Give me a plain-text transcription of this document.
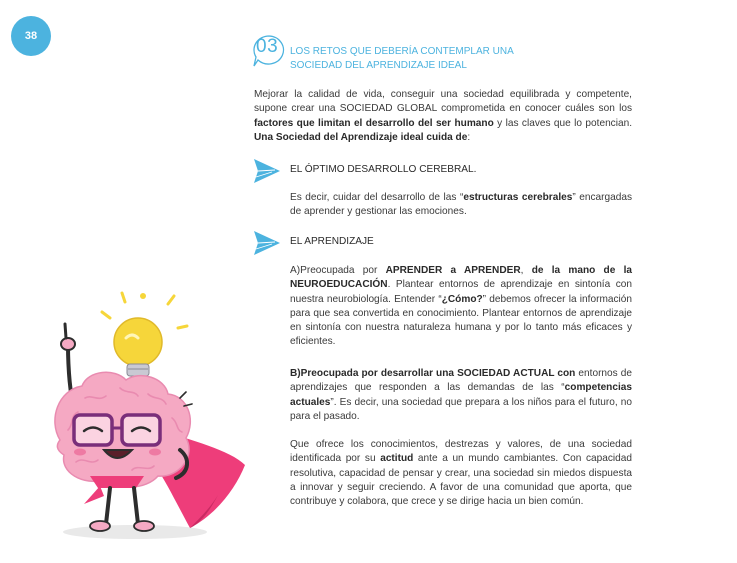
38	03 LOS RETOS QUE DEBERÍA CONTEMPLAR UNA
SOCIEDAD DEL APRENDIZAJE IDEAL
Mejorar la calidad de vida, conseguir una sociedad equilibrada y competente, supone crear una SOCIEDAD GLOBAL comprometida en conocer cuáles son los factores que limitan el desarrollo del ser humano y las claves que lo potencian. Una Sociedad del Aprendizaje ideal cuida de:
EL ÓPTIMO DESARROLLO CEREBRAL.
Es decir, cuidar del desarrollo de las “estructuras cerebrales” encargadas de aprender y gestionar las emociones.
EL APRENDIZAJE
A)Preocupada por APRENDER a APRENDER, de la mano de la NEUROEDUCACIÓN. Plantear entornos de aprendizaje en sintonía con nuestra neurobiología. Entender “¿Cómo?” debemos ofrecer la información para que sea convertida en conocimiento. Plantear entornos de aprendizaje en sintonía con nuestra naturaleza humana y por lo tanto más eficaces y eficientes.
B)Preocupada por desarrollar una SOCIEDAD ACTUAL con entornos de aprendizajes que responden a las demandas de las “competencias actuales”. Es decir, una sociedad que prepara a los niños para el futuro, no para el pasado.
Que ofrece los conocimientos, destrezas y valores, de una sociedad identificada por su actitud ante a un mundo cambiantes. Con capacidad resolutiva, capacidad de pensar y crear, una sociedad sin miedos dispuesta a innovar y seguir creciendo. A favor de una comunidad que aporta, que contribuye y colabora, que crece y se dirige hacia un bien común.
